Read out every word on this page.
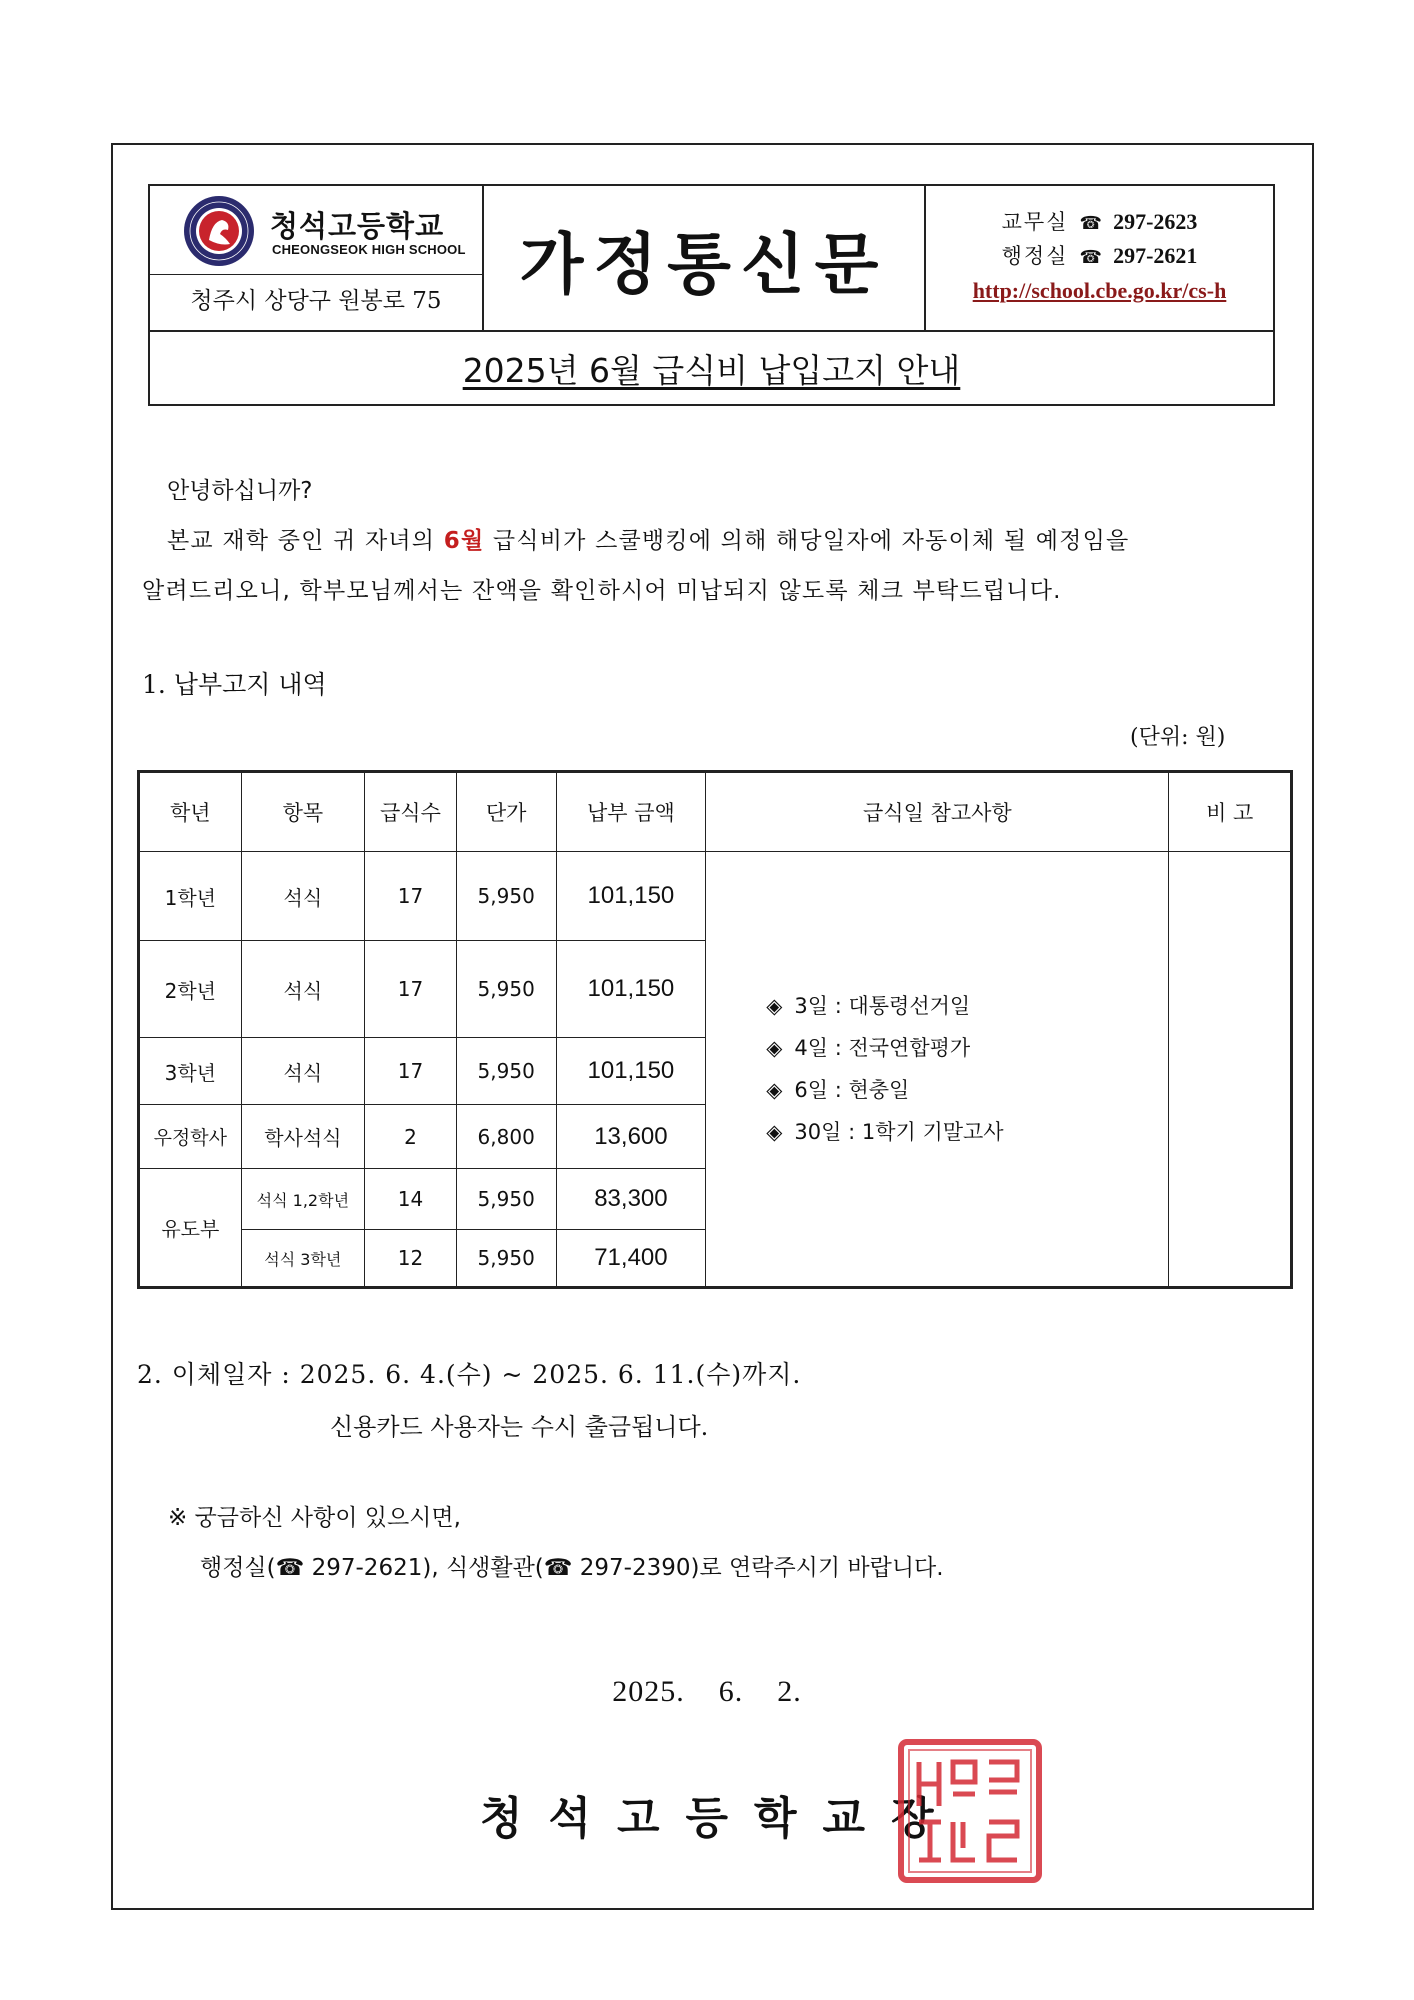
청석고등학교
CHEONGSEOK HIGH SCHOOL
청주시 상당구 원봉로 75	가정통신문
교무실 ☎ 297-2623
행정실 ☎ 297-2621
http://school.cbe.go.kr/cs-h
2025년 6월 급식비 납입고지 안내
안녕하십니까?
본교 재학 중인 귀 자녀의 6월 급식비가 스쿨뱅킹에 의해 해당일자에 자동이체 될 예정임을
알려드리오니, 학부모님께서는 잔액을 확인하시어 미납되지 않도록 체크 부탁드립니다.
1. 납부고지 내역
(단위: 원)
학년	항목	급식수	단가	납부 금액	급식일 참고사항	비 고
1학년	석식	17	5,950	101,150	◈ 3일 : 대통령선거일
◈ 4일 : 전국연합평가
◈ 6일 : 현충일
◈ 30일 : 1학기 기말고사	

2학년	석식	17	5,950	101,150		
3학년	석식	17	5,950	101,150		
우정학사	학사석식	2	6,800	13,600		
유도부	석식 1,2학년	14	5,950	83,300		
	석식 3학년	12	5,950	71,400		
2. 이체일자 : 2025. 6. 4.(수) ~ 2025. 6. 11.(수)까지.
신용카드 사용자는 수시 출금됩니다.
※ 궁금하신 사항이 있으시면,
행정실(☎ 297-2621), 식생활관(☎ 297-2390)로 연락주시기 바랍니다.
2025.    6.    2.
청석고등학교장
